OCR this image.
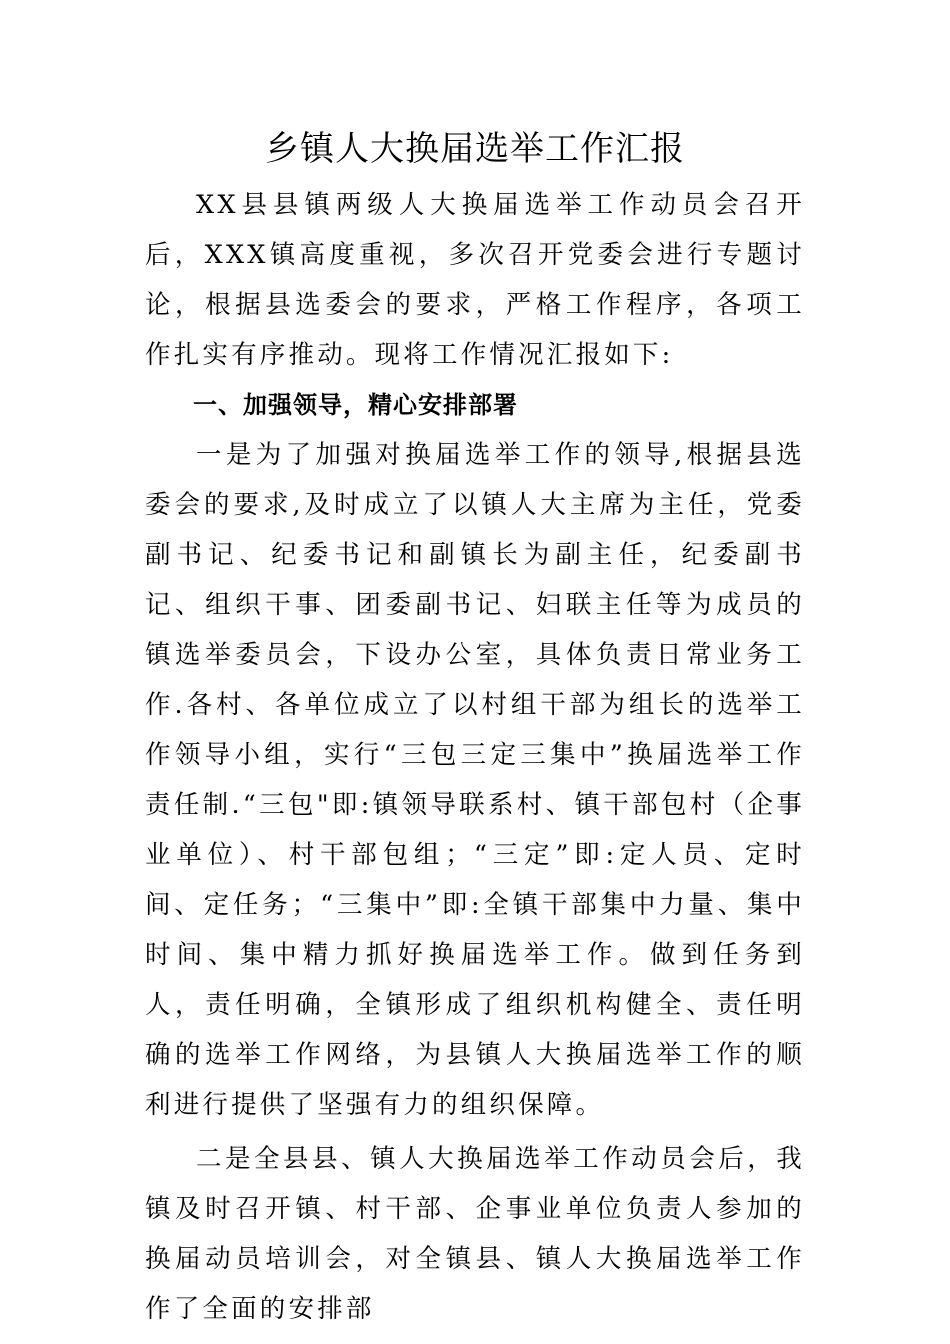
乡镇人大换届选举工作汇报

XX县县镇两级人大换届选举工作动员会召开后，XXX镇高度重视，多次召开党委会进行专题讨论，根据县选委会的要求，严格工作程序，各项工作扎实有序推动。现将工作情况汇报如下:

一、加强领导，精心安排部署

一是为了加强对换届选举工作的领导,根据县选委会的要求,及时成立了以镇人大主席为主任，党委副书记、纪委书记和副镇长为副主任，纪委副书记、组织干事、团委副书记、妇联主任等为成员的镇选举委员会，下设办公室，具体负责日常业务工作.各村、各单位成立了以村组干部为组长的选举工作领导小组，实行“三包三定三集中”换届选举工作责任制.“三包"即:镇领导联系村、镇干部包村（企事业单位）、村干部包组；“三定”即:定人员、定时间、定任务；“三集中”即:全镇干部集中力量、集中时间、集中精力抓好换届选举工作。做到任务到人，责任明确，全镇形成了组织机构健全、责任明确的选举工作网络，为县镇人大换届选举工作的顺利进行提供了坚强有力的组织保障。

二是全县县、镇人大换届选举工作动员会后，我镇及时召开镇、村干部、企事业单位负责人参加的换届动员培训会，对全镇县、镇人大换届选举工作作了全面的安排部
